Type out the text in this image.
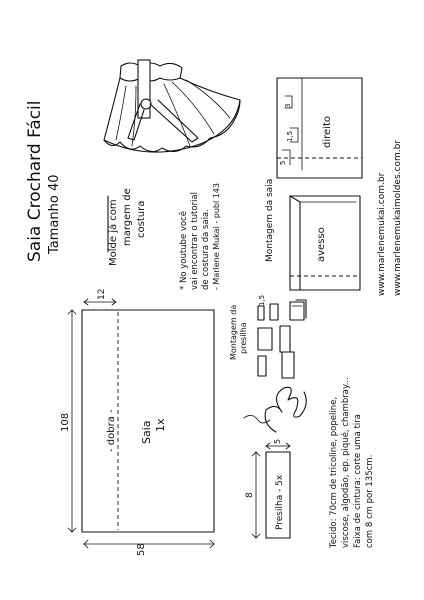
Saia Crochard Fácil Tamanho 40	Molde já com margem de costura	* No youtube você vai encontrar o tutorial de costura da saia. - Marlene Mukai - publ 143
3
1,5
5
direito
Montagem da saia	avesso
1,5
Montagem da presilha
www.marlenemukai.com.br www.marlenemukaimoldes.com.br
108
58
12
- dobra - Saia 1x
8
5
Presilha - 5x	Tecido: 70cm de tricoline, popeline, viscose, algodão, ep. piqué, chambray... Faixa de cintura: corte uma tira com 8 cm por 135cm.
